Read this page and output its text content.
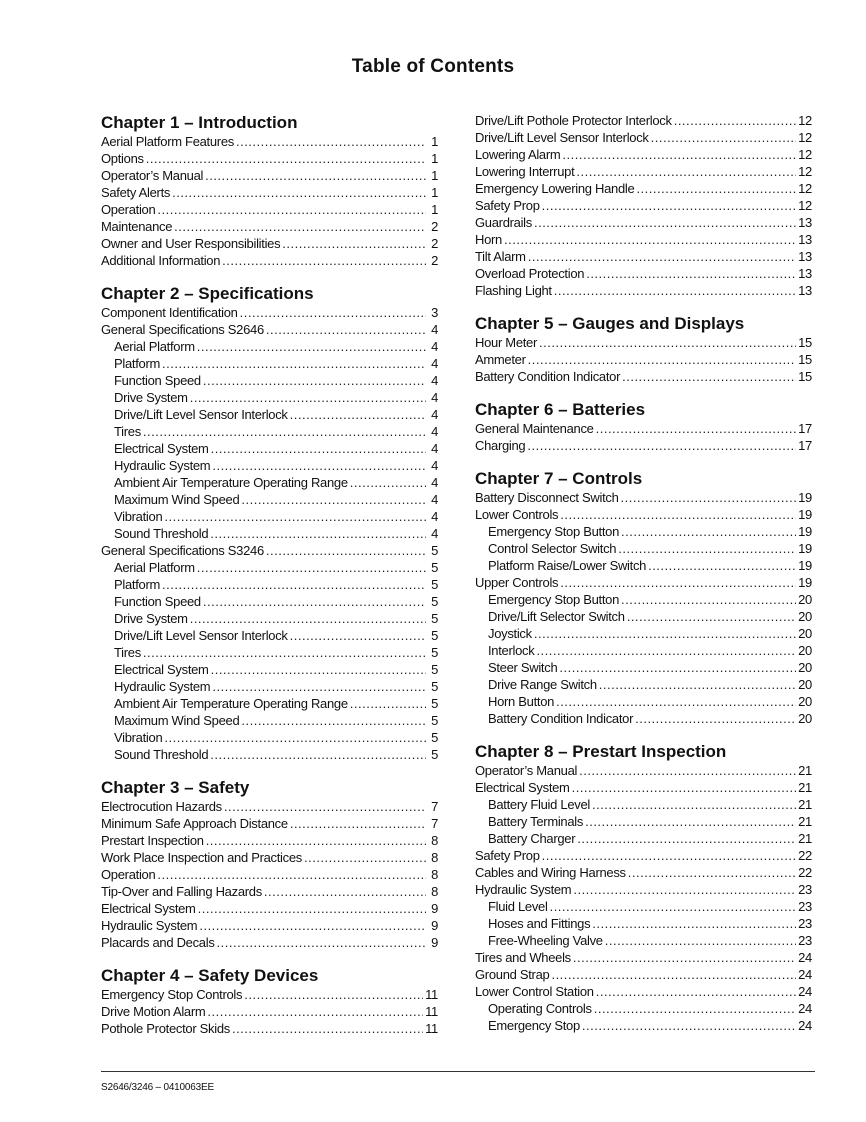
Table of Contents
Chapter 1 – Introduction
Aerial Platform Features .....	1
Options .....	1
Operator’s Manual .....	1
Safety Alerts .....	1
Operation .....	1
Maintenance .....	2
Owner and User Responsibilities .....	2
Additional Information .....	2
Chapter 2 – Specifications
Component Identification .....	3
General Specifications S2646 .....	4
Aerial Platform .....	4
Platform .....	4
Function Speed .....	4
Drive System .....	4
Drive/Lift Level Sensor Interlock .....	4
Tires .....	4
Electrical System .....	4
Hydraulic System .....	4
Ambient Air Temperature Operating Range .....	4
Maximum Wind Speed .....	4
Vibration .....	4
Sound Threshold .....	4
General Specifications S3246 .....	5
Aerial Platform .....	5
Platform .....	5
Function Speed .....	5
Drive System .....	5
Drive/Lift Level Sensor Interlock .....	5
Tires .....	5
Electrical System .....	5
Hydraulic System .....	5
Ambient Air Temperature Operating Range .....	5
Maximum Wind Speed .....	5
Vibration .....	5
Sound Threshold .....	5
Chapter 3 – Safety
Electrocution Hazards .....	7
Minimum Safe Approach Distance .....	7
Prestart Inspection .....	8
Work Place Inspection and Practices .....	8
Operation .....	8
Tip-Over and Falling Hazards .....	8
Electrical System .....	9
Hydraulic System .....	9
Placards and Decals .....	9
Chapter 4 – Safety Devices
Emergency Stop Controls .....	11
Drive Motion Alarm .....	11
Pothole Protector Skids .....	11
Drive/Lift Pothole Protector Interlock .....	12
Drive/Lift Level Sensor Interlock .....	12
Lowering Alarm .....	12
Lowering Interrupt .....	12
Emergency Lowering Handle .....	12
Safety Prop .....	12
Guardrails .....	13
Horn .....	13
Tilt Alarm .....	13
Overload Protection .....	13
Flashing Light .....	13
Chapter 5 – Gauges and Displays
Hour Meter .....	15
Ammeter .....	15
Battery Condition Indicator .....	15
Chapter 6 – Batteries
General Maintenance .....	17
Charging .....	17
Chapter 7 – Controls
Battery Disconnect Switch .....	19
Lower Controls .....	19
Emergency Stop Button .....	19
Control Selector Switch .....	19
Platform Raise/Lower Switch .....	19
Upper Controls .....	19
Emergency Stop Button .....	20
Drive/Lift Selector Switch .....	20
Joystick .....	20
Interlock .....	20
Steer Switch .....	20
Drive Range Switch .....	20
Horn Button .....	20
Battery Condition Indicator .....	20
Chapter 8 – Prestart Inspection
Operator’s Manual .....	21
Electrical System .....	21
Battery Fluid Level .....	21
Battery Terminals .....	21
Battery Charger .....	21
Safety Prop .....	22
Cables and Wiring Harness .....	22
Hydraulic System .....	23
Fluid Level .....	23
Hoses and Fittings .....	23
Free-Wheeling Valve .....	23
Tires and Wheels .....	24
Ground Strap .....	24
Lower Control Station .....	24
Operating Controls .....	24
Emergency Stop .....	24
S2646/3246 – 0410063EE
